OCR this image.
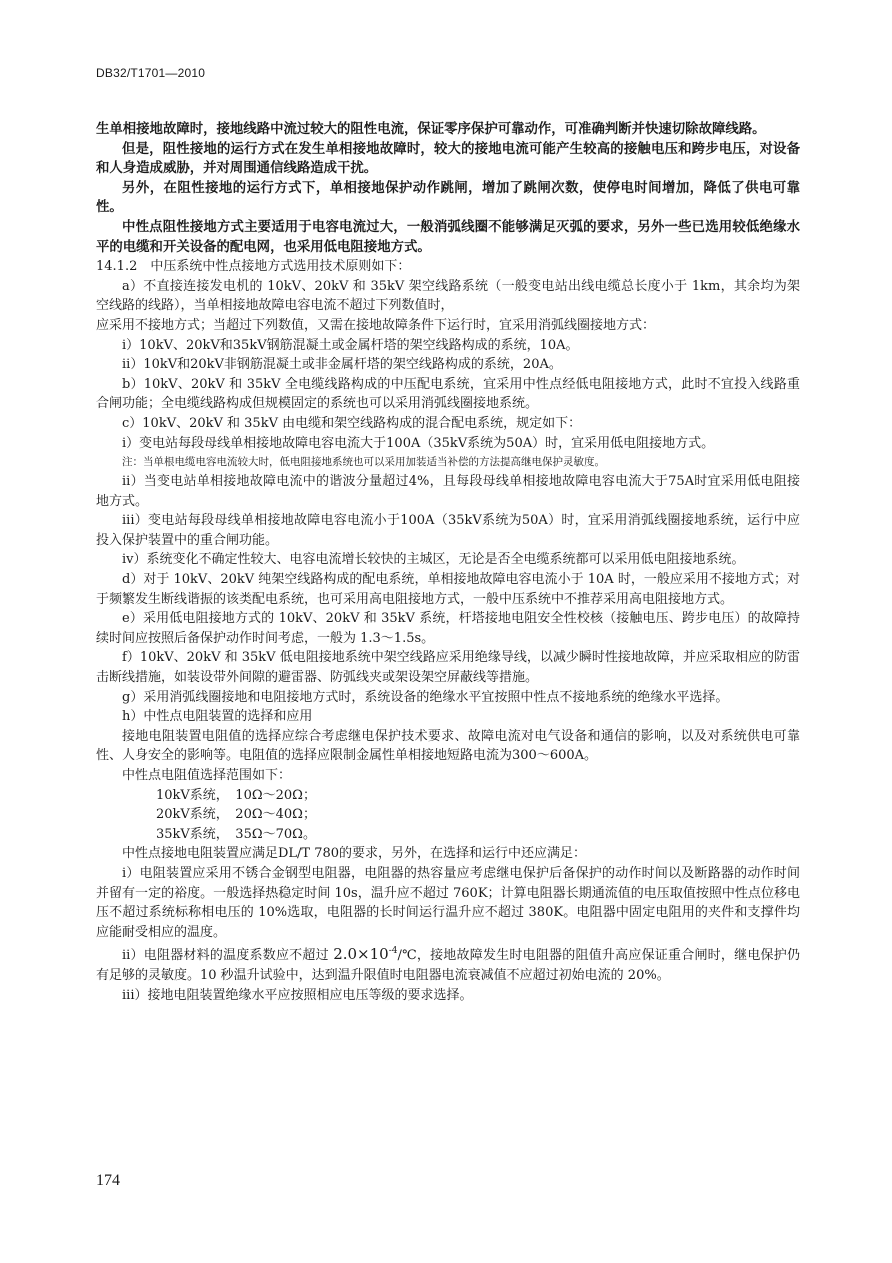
DB32/T1701—2010

生单相接地故障时，接地线路中流过较大的阻性电流，保证零序保护可靠动作，可准确判断并快速切除故障线路。

但是，阻性接地的运行方式在发生单相接地故障时，较大的接地电流可能产生较高的接触电压和跨步电压，对设备和人身造成威胁，并对周围通信线路造成干扰。

另外，在阻性接地的运行方式下，单相接地保护动作跳闸，增加了跳闸次数，使停电时间增加，降低了供电可靠性。

中性点阻性接地方式主要适用于电容电流过大，一般消弧线圈不能够满足灭弧的要求，另外一些已选用较低绝缘水平的电缆和开关设备的配电网，也采用低电阻接地方式。

14.1.2　中压系统中性点接地方式选用技术原则如下：

a）不直接连接发电机的 10kV、20kV 和 35kV 架空线路系统（一般变电站出线电缆总长度小于 1km，其余均为架空线路的线路），当单相接地故障电容电流不超过下列数值时，

应采用不接地方式；当超过下列数值，又需在接地故障条件下运行时，宜采用消弧线圈接地方式：

i）10kV、20kV和35kV钢筋混凝土或金属杆塔的架空线路构成的系统，10A。

ii）10kV和20kV非钢筋混凝土或非金属杆塔的架空线路构成的系统，20A。

b）10kV、20kV 和 35kV 全电缆线路构成的中压配电系统，宜采用中性点经低电阻接地方式，此时不宜投入线路重合闸功能；全电缆线路构成但规模固定的系统也可以采用消弧线圈接地系统。

c）10kV、20kV 和 35kV 由电缆和架空线路构成的混合配电系统，规定如下：

i）变电站每段母线单相接地故障电容电流大于100A（35kV系统为50A）时，宜采用低电阻接地方式。

注：当单根电缆电容电流较大时，低电阻接地系统也可以采用加装适当补偿的方法提高继电保护灵敏度。

ii）当变电站单相接地故障电流中的谐波分量超过4%，且每段母线单相接地故障电容电流大于75A时宜采用低电阻接地方式。

iii）变电站每段母线单相接地故障电容电流小于100A（35kV系统为50A）时，宜采用消弧线圈接地系统，运行中应投入保护装置中的重合闸功能。

iv）系统变化不确定性较大、电容电流增长较快的主城区，无论是否全电缆系统都可以采用低电阻接地系统。

d）对于 10kV、20kV 纯架空线路构成的配电系统，单相接地故障电容电流小于 10A 时，一般应采用不接地方式；对于频繁发生断线谐振的该类配电系统，也可采用高电阻接地方式，一般中压系统中不推荐采用高电阻接地方式。

e）采用低电阻接地方式的 10kV、20kV 和 35kV 系统，杆塔接地电阻安全性校核（接触电压、跨步电压）的故障持续时间应按照后备保护动作时间考虑，一般为 1.3～1.5s。

f）10kV、20kV 和 35kV 低电阻接地系统中架空线路应采用绝缘导线，以减少瞬时性接地故障，并应采取相应的防雷击断线措施，如装设带外间隙的避雷器、防弧线夹或架设架空屏蔽线等措施。

g）采用消弧线圈接地和电阻接地方式时，系统设备的绝缘水平宜按照中性点不接地系统的绝缘水平选择。

h）中性点电阻装置的选择和应用

接地电阻装置电阻值的选择应综合考虑继电保护技术要求、故障电流对电气设备和通信的影响，以及对系统供电可靠性、人身安全的影响等。电阻值的选择应限制金属性单相接地短路电流为300～600A。

中性点电阻值选择范围如下：

10kV系统，　10Ω～20Ω；

20kV系统，　20Ω～40Ω；

35kV系统，　35Ω～70Ω。

中性点接地电阻装置应满足DL/T 780的要求，另外，在选择和运行中还应满足：

i）电阻装置应采用不锈合金钢型电阻器，电阻器的热容量应考虑继电保护后备保护的动作时间以及断路器的动作时间并留有一定的裕度。一般选择热稳定时间 10s，温升应不超过 760K；计算电阻器长期通流值的电压取值按照中性点位移电压不超过系统标称相电压的 10%选取，电阻器的长时间运行温升应不超过 380K。电阻器中固定电阻用的夹件和支撑件均应能耐受相应的温度。

ii）电阻器材料的温度系数应不超过 $2.0\times 10^{-4}/℃$，接地故障发生时电阻器的阻值升高应保证重合闸时，继电保护仍有足够的灵敏度。10 秒温升试验中，达到温升限值时电阻器电流衰减值不应超过初始电流的 20%。

iii）接地电阻装置绝缘水平应按照相应电压等级的要求选择。

174
